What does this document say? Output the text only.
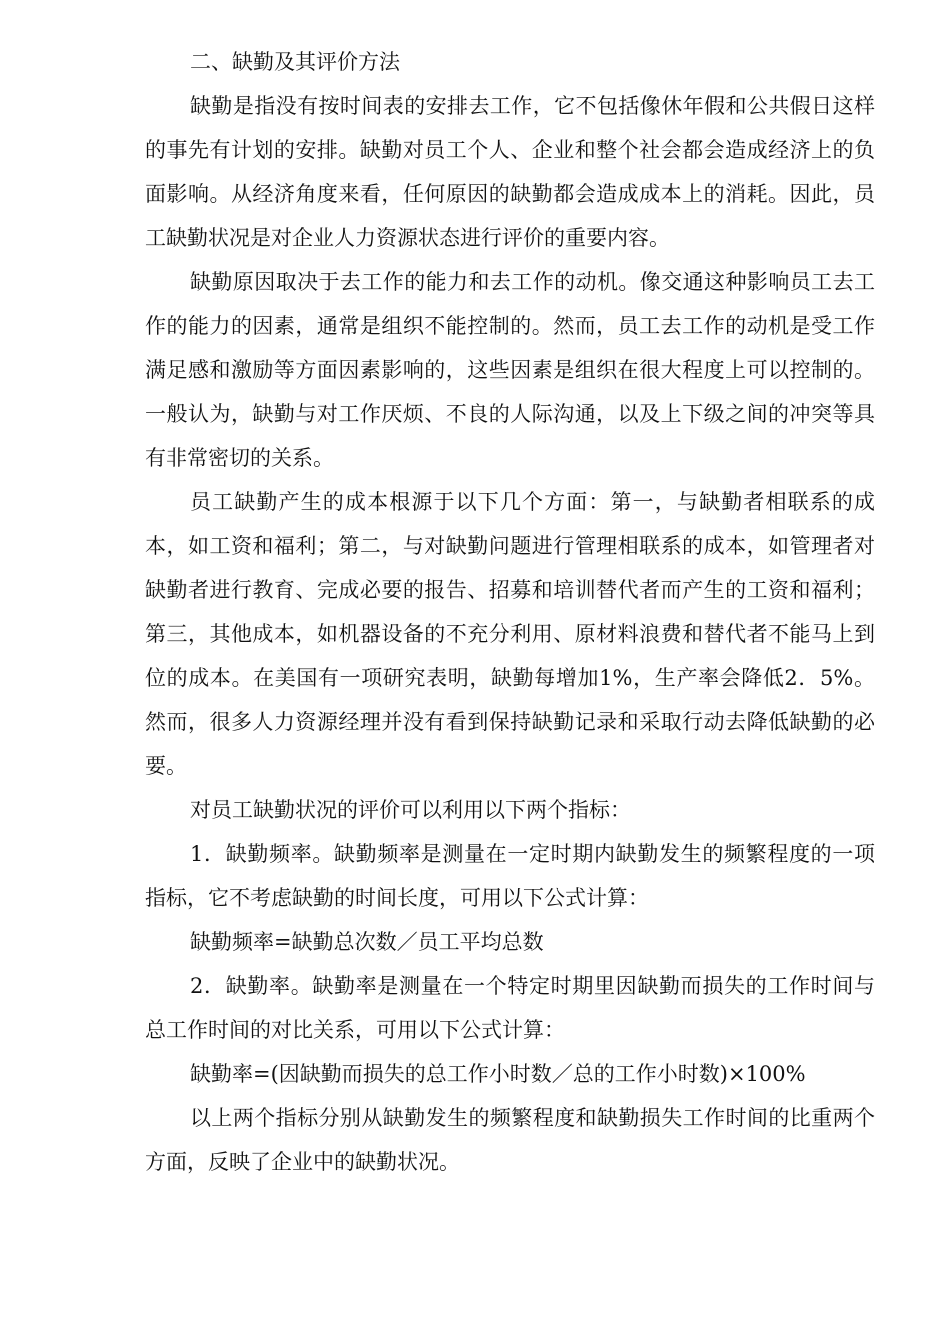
二、缺勤及其评价方法

缺勤是指没有按时间表的安排去工作，它不包括像休年假和公共假日这样的事先有计划的安排。缺勤对员工个人、企业和整个社会都会造成经济上的负面影响。从经济角度来看，任何原因的缺勤都会造成成本上的消耗。因此，员工缺勤状况是对企业人力资源状态进行评价的重要内容。

缺勤原因取决于去工作的能力和去工作的动机。像交通这种影响员工去工作的能力的因素，通常是组织不能控制的。然而，员工去工作的动机是受工作满足感和激励等方面因素影响的，这些因素是组织在很大程度上可以控制的。一般认为，缺勤与对工作厌烦、不良的人际沟通，以及上下级之间的冲突等具有非常密切的关系。

员工缺勤产生的成本根源于以下几个方面：第一，与缺勤者相联系的成本，如工资和福利；第二，与对缺勤问题进行管理相联系的成本，如管理者对缺勤者进行教育、完成必要的报告、招募和培训替代者而产生的工资和福利；第三，其他成本，如机器设备的不充分利用、原材料浪费和替代者不能马上到位的成本。在美国有一项研究表明，缺勤每增加1%，生产率会降低2．5%。然而，很多人力资源经理并没有看到保持缺勤记录和采取行动去降低缺勤的必要。

对员工缺勤状况的评价可以利用以下两个指标：

1．缺勤频率。缺勤频率是测量在一定时期内缺勤发生的频繁程度的一项指标，它不考虑缺勤的时间长度，可用以下公式计算：

缺勤频率=缺勤总次数／员工平均总数

2．缺勤率。缺勤率是测量在一个特定时期里因缺勤而损失的工作时间与总工作时间的对比关系，可用以下公式计算：

缺勤率=(因缺勤而损失的总工作小时数／总的工作小时数)×100%

以上两个指标分别从缺勤发生的频繁程度和缺勤损失工作时间的比重两个方面，反映了企业中的缺勤状况。
